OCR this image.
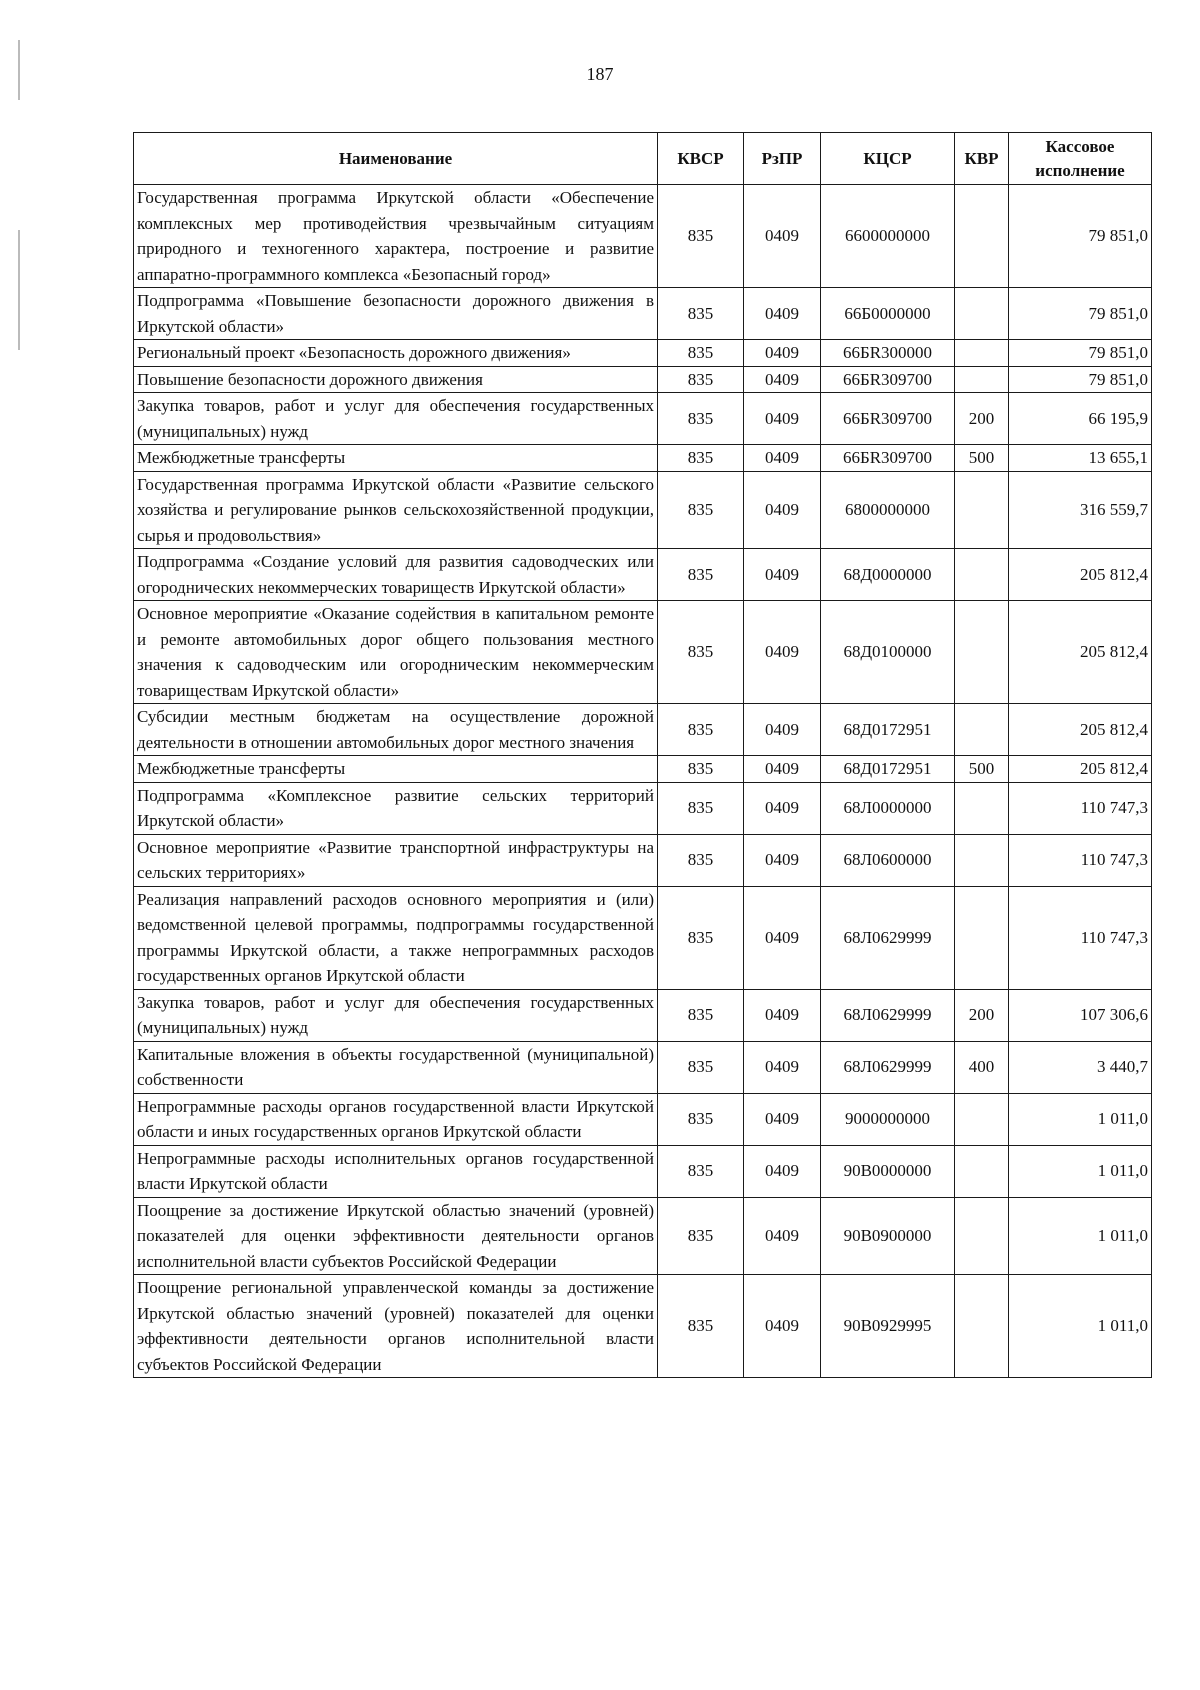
187
Наименование	КВСР	РзПР	КЦСР	КВР	Кассовое исполнение
Государственная программа Иркутской области «Обеспечение комплексных мер противодействия чрезвычайным ситуациям природного и техногенного характера, построение и развитие аппаратно-программного комплекса «Безопасный город»	835	0409	6600000000		79 851,0
Подпрограмма «Повышение безопасности дорожного движения в Иркутской области»	835	0409	66Б0000000		79 851,0
Региональный проект «Безопасность дорожного движения»	835	0409	66БR300000		79 851,0
Повышение безопасности дорожного движения	835	0409	66БR309700		79 851,0
Закупка товаров, работ и услуг для обеспечения государственных (муниципальных) нужд	835	0409	66БR309700	200	66 195,9
Межбюджетные трансферты	835	0409	66БR309700	500	13 655,1
Государственная программа Иркутской области «Развитие сельского хозяйства и регулирование рынков сельскохозяйственной продукции, сырья и продовольствия»	835	0409	6800000000		316 559,7
Подпрограмма «Создание условий для развития садоводческих или огороднических некоммерческих товариществ Иркутской области»	835	0409	68Д0000000		205 812,4
Основное мероприятие «Оказание содействия в капитальном ремонте и ремонте автомобильных дорог общего пользования местного значения к садоводческим или огородническим некоммерческим товариществам Иркутской области»	835	0409	68Д0100000		205 812,4
Субсидии местным бюджетам на осуществление дорожной деятельности в отношении автомобильных дорог местного значения	835	0409	68Д0172951		205 812,4
Межбюджетные трансферты	835	0409	68Д0172951	500	205 812,4
Подпрограмма «Комплексное развитие сельских территорий Иркутской области»	835	0409	68Л0000000		110 747,3
Основное мероприятие «Развитие транспортной инфраструктуры на сельских территориях»	835	0409	68Л0600000		110 747,3
Реализация направлений расходов основного мероприятия и (или) ведомственной целевой программы, подпрограммы государственной программы Иркутской области, а также непрограммных расходов государственных органов Иркутской области	835	0409	68Л0629999		110 747,3
Закупка товаров, работ и услуг для обеспечения государственных (муниципальных) нужд	835	0409	68Л0629999	200	107 306,6
Капитальные вложения в объекты государственной (муниципальной) собственности	835	0409	68Л0629999	400	3 440,7
Непрограммные расходы органов государственной власти Иркутской области и иных государственных органов Иркутской области	835	0409	9000000000		1 011,0
Непрограммные расходы исполнительных органов государственной власти Иркутской области	835	0409	90В0000000		1 011,0
Поощрение за достижение Иркутской областью значений (уровней) показателей для оценки эффективности деятельности органов исполнительной власти субъектов Российской Федерации	835	0409	90В0900000		1 011,0
Поощрение региональной управленческой команды за достижение Иркутской областью значений (уровней) показателей для оценки эффективности деятельности органов исполнительной власти субъектов Российской Федерации	835	0409	90В0929995		1 011,0
